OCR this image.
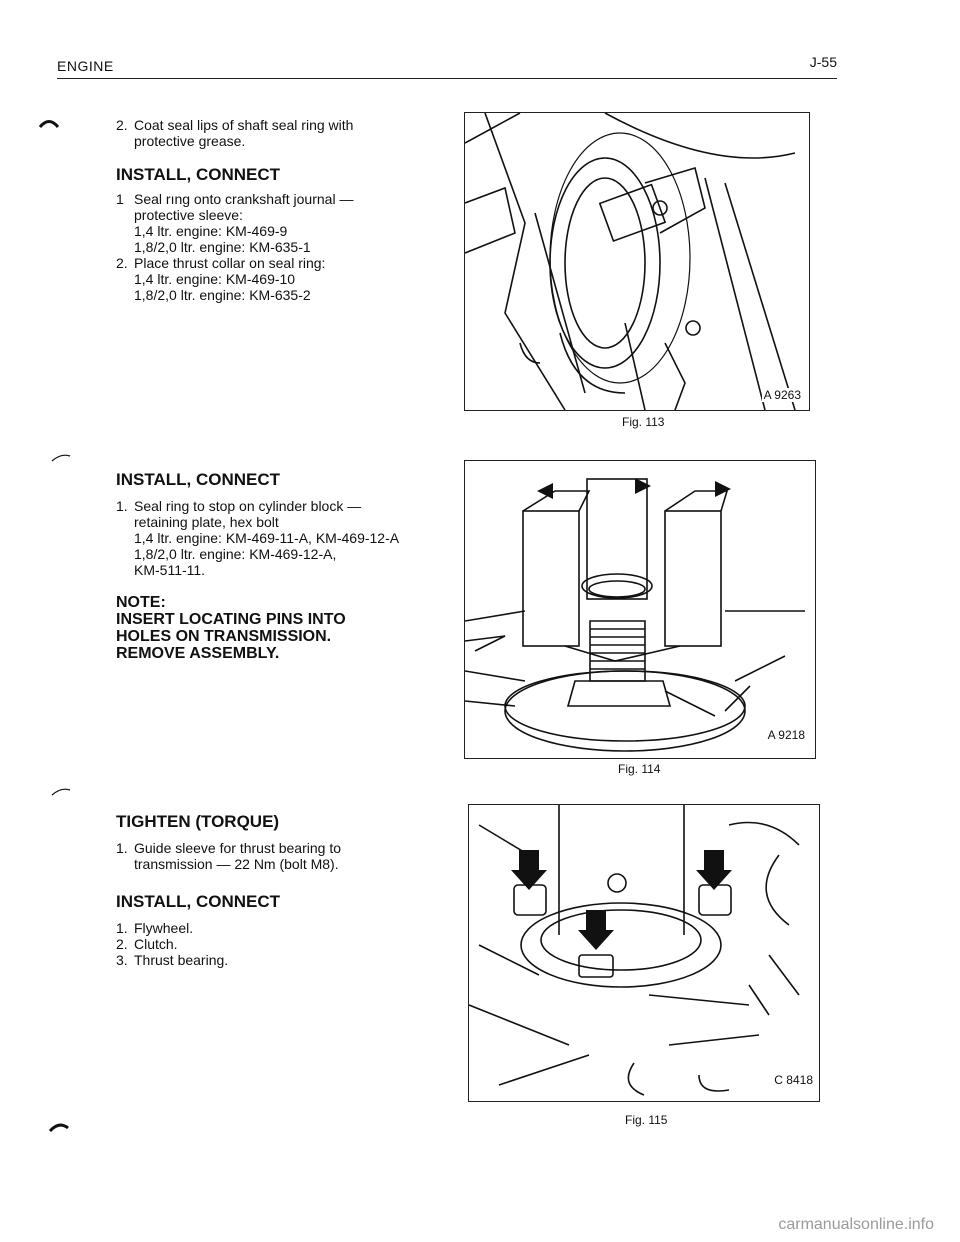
ENGINE	J-55
2. Coat seal lips of shaft seal ring with

protective grease.

INSTALL, CONNECT

1 Seal rıng onto crankshaft journal —

protective sleeve:

1,4 ltr. engine: KM-469-9

1,8/2,0 ltr. engine: KM-635-1

2. Place thrust collar on seal ring:

1,4 ltr. engine: KM-469-10

1,8/2,0 ltr. engine: KM-635-2

INSTALL, CONNECT

1. Seal ring to stop on cylinder block —

retaining plate, hex bolt

1,4 ltr. engine: KM-469-11-A, KM-469-12-A

1,8/2,0 ltr. engine: KM-469-12-A,

KM-511-11.

NOTE:

INSERT LOCATING PINS INTO

HOLES ON TRANSMISSION.

REMOVE ASSEMBLY.

TIGHTEN (TORQUE)

1. Guide sleeve for thrust bearing to

transmission — 22 Nm (bolt M8).

INSTALL, CONNECT

1. Flywheel.
2. Clutch.
3. Thrust bearing.
A 9263
Fig. 113
A 9218
Fig. 114
C 8418
Fig. 115
carmanualsonline.info
